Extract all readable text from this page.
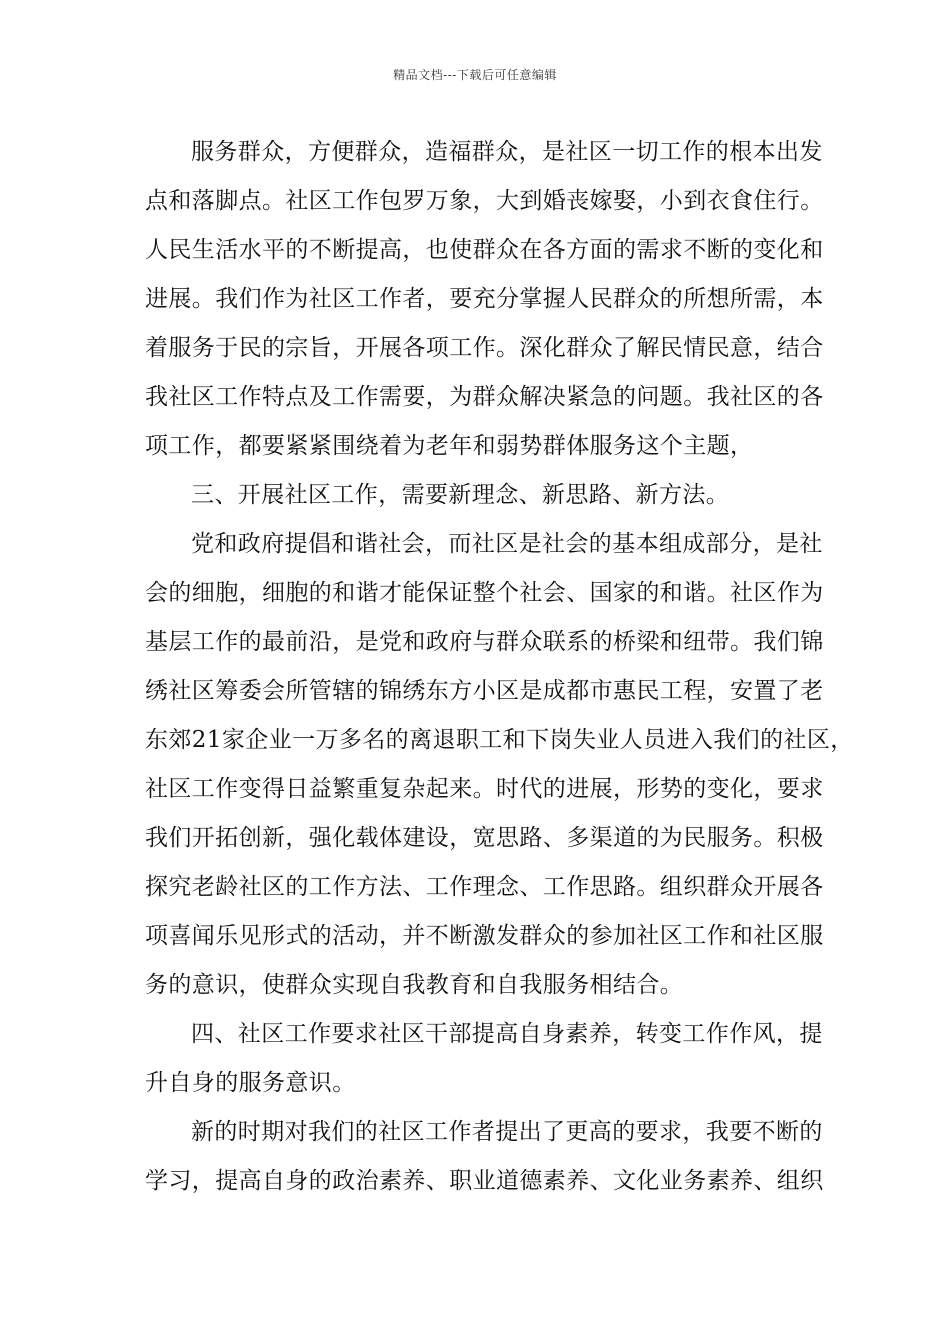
精品文档---下载后可任意编辑
服务群众，方便群众，造福群众，是社区一切工作的根本出发
点和落脚点。社区工作包罗万象，大到婚丧嫁娶，小到衣食住行。
人民生活水平的不断提高，也使群众在各方面的需求不断的变化和
进展。我们作为社区工作者，要充分掌握人民群众的所想所需，本
着服务于民的宗旨，开展各项工作。深化群众了解民情民意，结合
我社区工作特点及工作需要，为群众解决紧急的问题。我社区的各
项工作，都要紧紧围绕着为老年和弱势群体服务这个主题，
三、开展社区工作，需要新理念、新思路、新方法。
党和政府提倡和谐社会，而社区是社会的基本组成部分，是社
会的细胞，细胞的和谐才能保证整个社会、国家的和谐。社区作为
基层工作的最前沿，是党和政府与群众联系的桥梁和纽带。我们锦
绣社区筹委会所管辖的锦绣东方小区是成都市惠民工程，安置了老
东郊21家企业一万多名的离退职工和下岗失业人员进入我们的社区，
社区工作变得日益繁重复杂起来。时代的进展，形势的变化，要求
我们开拓创新，强化载体建设，宽思路、多渠道的为民服务。积极
探究老龄社区的工作方法、工作理念、工作思路。组织群众开展各
项喜闻乐见形式的活动，并不断激发群众的参加社区工作和社区服
务的意识，使群众实现自我教育和自我服务相结合。
四、社区工作要求社区干部提高自身素养，转变工作作风，提
升自身的服务意识。
新的时期对我们的社区工作者提出了更高的要求，我要不断的
学习，提高自身的政治素养、职业道德素养、文化业务素养、组织
